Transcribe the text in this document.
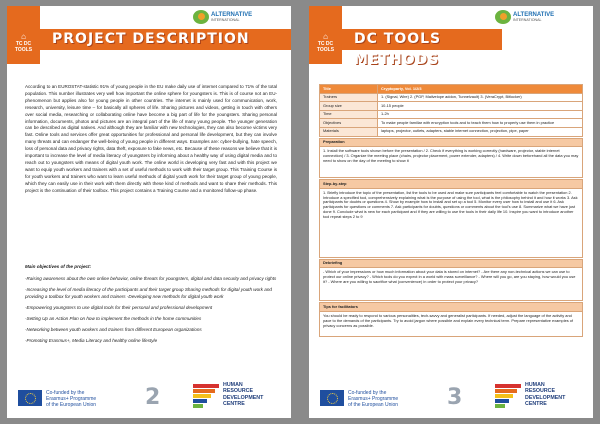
⌂
TC DC TOOLS
ALTERNATIVE
INTERNATIONAL
PROJECT DESCRIPTION

According to an EUROSTAT-statistic 91% of young people in the EU make daily use of internet compared to 71% of the total population. This number illustrates very well how important the online sphere for youngsters is. This is of course not an EU-phenomenon but applies also for young people in other countries. The internet is mainly used for communication, work, research, university, leisure time – for basically all spheres of life. Sharing pictures and videos, getting in touch with others over social media, researching or collaborating online have become a big part of life for the youngsters. Sharing personal information, documents, photos and pictures are an integral part of the life of many young people. The younger generation can be described as digital natives. And although they are familiar with new technologies, they can also become victims very fast. Online tools and services offer great opportunities for professional and personal life development, but they can involve many threats and can endanger the well-being of young people in different ways. Examples are: cyber-bullying, hate speech, loss of personal data and privacy rights, data theft, exposure to fake news, etc. Because of these reasons we believe that it is important to increase the level of media literacy of youngsters by informing about a healthy way of using digital media and to reach out to youngsters with means of digital youth work. The online world is developing very fast and with this project we want to equip youth workers and trainers with a set of useful methods to work with their target group. This Training Course is for youth workers and trainers who want to learn useful methods of digital youth work for their target group of young people, which they can easily use in their work with them directly with these kind of methods and want to share their methods. This project is the continuation of their toolbox. This project contains a Training Course and a monitored follow-up phase.

Main objectives of the project:
-Raising awareness about the own online behavior, online threats for youngsters, digital and data security and privacy rights
-Increasing the level of media literacy of the participants and their target group Sharing methods for digital youth work and providing a toolbox for youth workers and trainers -Developing new methods for digital youth work
-Empowering youngsters to use digital tools for their personal and professional development
-Setting Up an Action Plan on how to implement the methods in the home communities
-Networking between youth workers and trainers from different European organizations
-Promoting Erasmus+, Media Literacy and healthy online lifestyle
Co-funded by the
Erasmus+ Programme
of the European Union 2	HUMAN
RESOURCE
DEVELOPMENT
CENTRE
⌂
TC DC TOOLS
ALTERNATIVE
INTERNATIONAL
DC TOOLS METHODS
Title	Cryptoparty, Vol. 1/2/3
Trainers	1. (Signal, Wire) 2. (PGP, Mailvelope addon, Tunnelvault) 3. (VeraCrypt, Bitlocker)
Group size	10-15 people
Time	1-2h
Objectives	To make people familiar with encryption tools and to teach them how to properly use them in practice
Materials	laptops, projector, outlets, adapters, stable internet connection, projection, pipe, paper
Preparation
1. Install the software tools shown before the presentation / 2. Check if everything is working correctly (hardware, projector, stable internet connection) / 3. Organize the meeting place (chairs, projector placement, power extender, adapters) / 4. Write down beforehand all the data you may need to show on the day of the meeting to show it
Step-by-step
1. Briefly introduce the topic of the presentation, list the tools to be used and make sure participants feel comfortable to watch the presentation 2. Introduce a specified tool, comprehensively explaining what is the purpose of using the tool, what is the philosophy behind it and how it works 3. Ask participants for doubts or questions 4. Show by example how to install and set up a tool 5. Monitor every user how to install and use it 6. Ask participants for questions or comments 7. Ask participants for doubts, questions or comments about the tool's use 8. Summarize what we have just done 9. Conclude what is new for each participant and if they are willing to use the tools in their daily life 10. Inspire you want to introduce another tool repeat steps 2 to 9
Debriefing
- Which of your impressions or how much information about your data is stored on internet? - Are there any non-technical actions we can use to protect our online privacy? - Which tools do you expect in a world with mass surveillance? - Where will you go, are you staying, how would you use it? - Where are you willing to sacrifice what (convenience) in order to protect your privacy?
Tips for facilitators
You should be ready to respond to various personalities, tech-savvy and generalist participants. If needed, adjust the language of the activity and pace to the demands of the participants. Try to avoid jargon where possible and explain every technical term. Prepare representative examples of privacy concerns as possible.
Co-funded by the
Erasmus+ Programme
of the European Union 3	HUMAN
RESOURCE
DEVELOPMENT
CENTRE
